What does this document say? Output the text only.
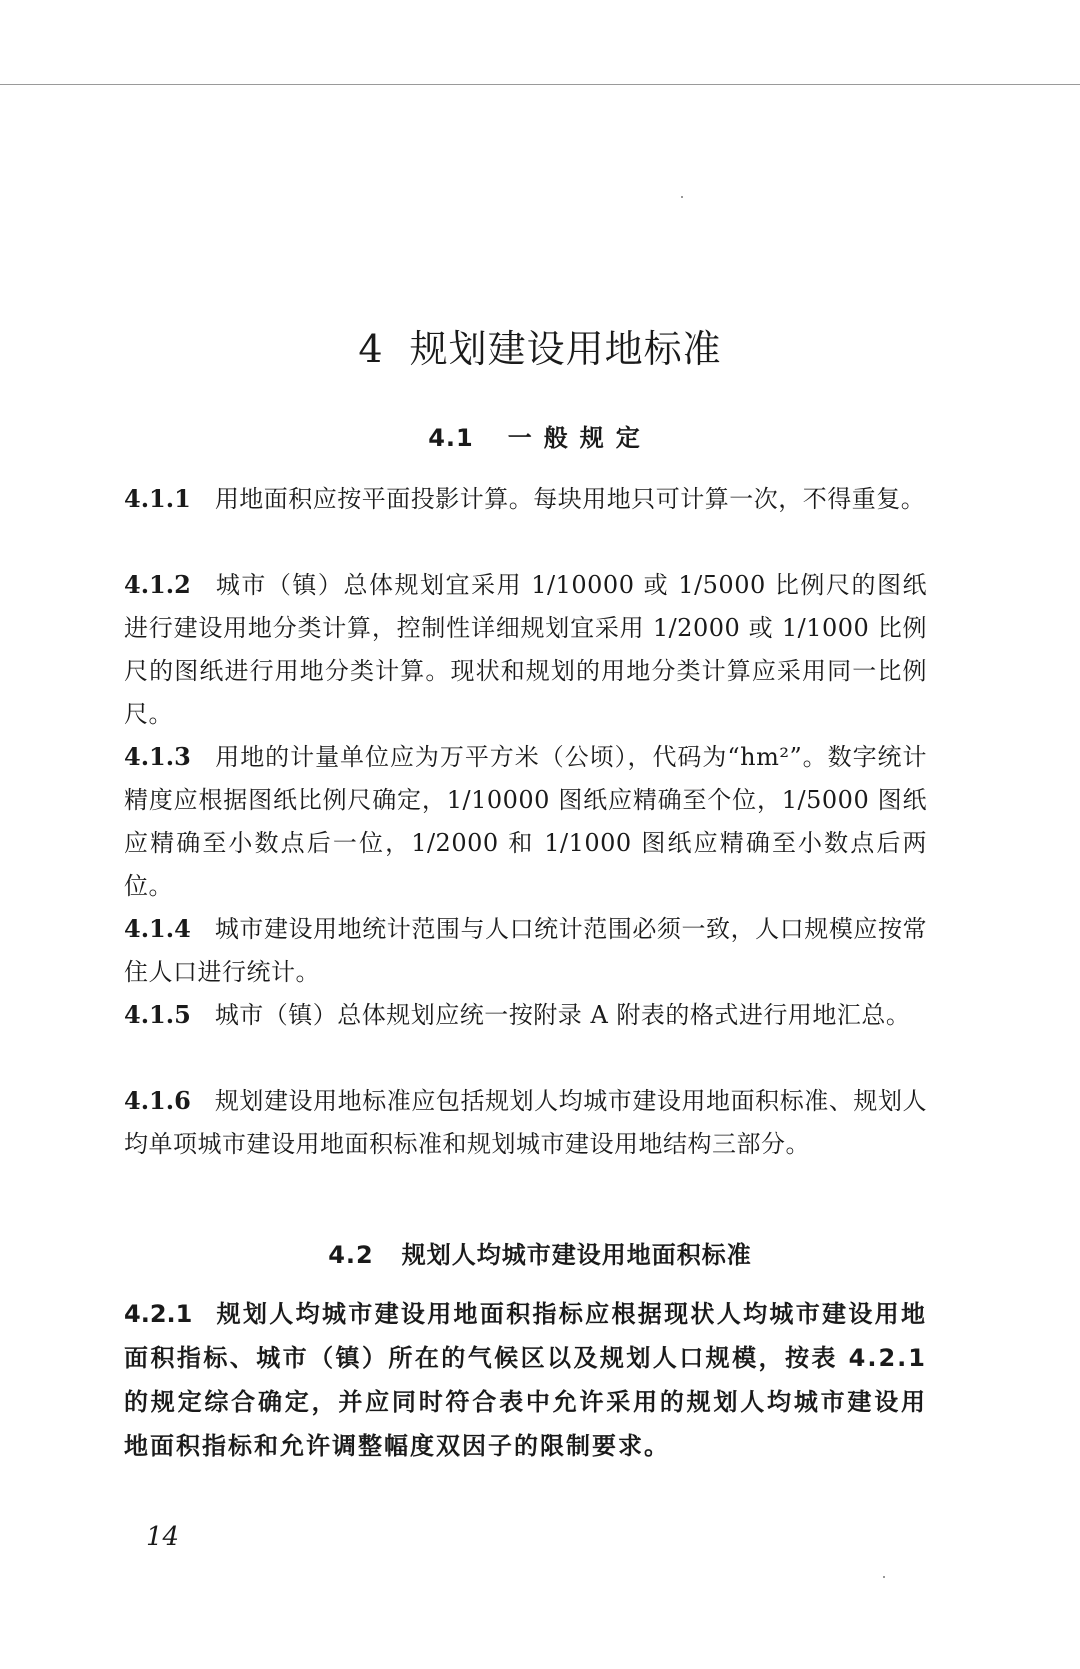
4 规划建设用地标准
4.1 一般规定
4.1.1 用地面积应按平面投影计算。每块用地只可计算一次，不得重复。
4.1.2 城市（镇）总体规划宜采用 1/10000 或 1/5000 比例尺的图纸进行建设用地分类计算，控制性详细规划宜采用 1/2000 或 1/1000 比例尺的图纸进行用地分类计算。现状和规划的用地分类计算应采用同一比例尺。
4.1.3 用地的计量单位应为万平方米（公顷），代码为“hm²”。数字统计精度应根据图纸比例尺确定，1/10000 图纸应精确至个位，1/5000 图纸应精确至小数点后一位，1/2000 和 1/1000 图纸应精确至小数点后两位。
4.1.4 城市建设用地统计范围与人口统计范围必须一致，人口规模应按常住人口进行统计。
4.1.5 城市（镇）总体规划应统一按附录 A 附表的格式进行用地汇总。
4.1.6 规划建设用地标准应包括规划人均城市建设用地面积标准、规划人均单项城市建设用地面积标准和规划城市建设用地结构三部分。
4.2 规划人均城市建设用地面积标准
4.2.1 规划人均城市建设用地面积指标应根据现状人均城市建设用地面积指标、城市（镇）所在的气候区以及规划人口规模，按表 4.2.1 的规定综合确定，并应同时符合表中允许采用的规划人均城市建设用地面积指标和允许调整幅度双因子的限制要求。
14
